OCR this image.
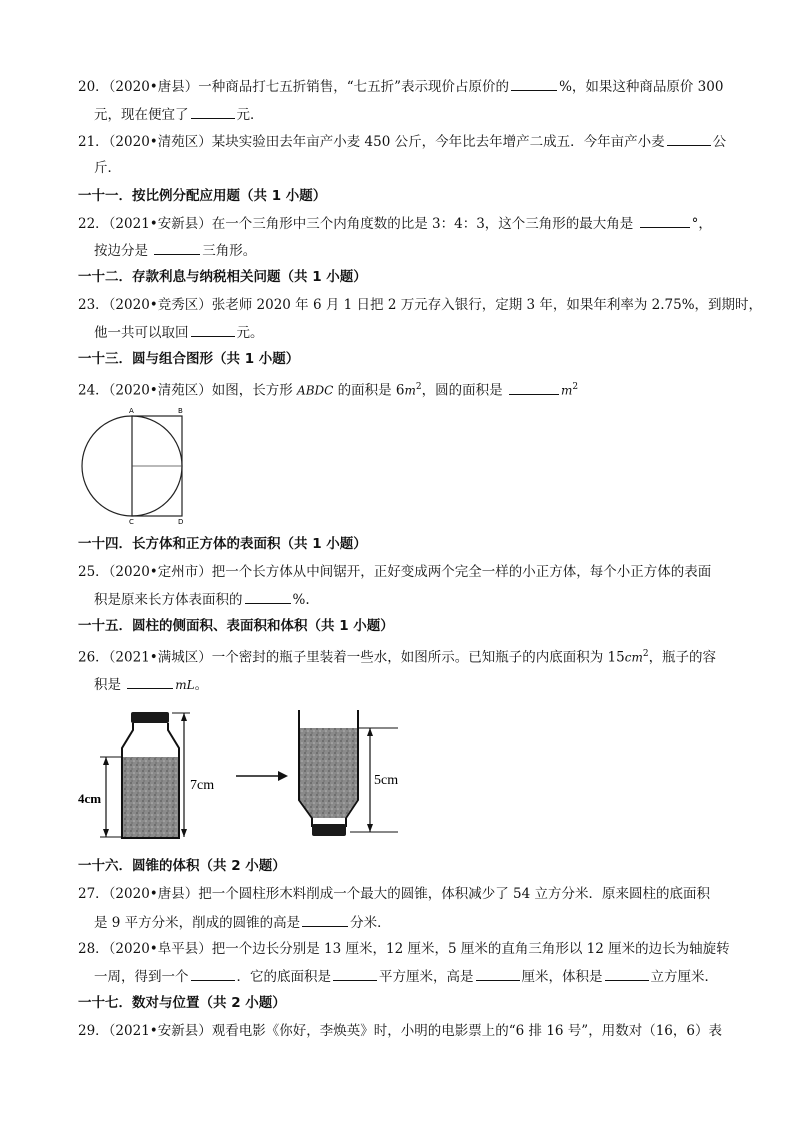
20．（2020•唐县）一种商品打七五折销售，“七五折”表示现价占原价的	%，如果这种商品原价 300
元，现在便宜了	元．
21．（2020•清苑区）某块实验田去年亩产小麦 450 公斤，今年比去年增产二成五．今年亩产小麦	公
斤．
一十一．按比例分配应用题（共 1 小题）
22．（2021•安新县）在一个三角形中三个内角度数的比是 3：4：3，这个三角形的最大角是	°，
按边分是	三角形。
一十二．存款利息与纳税相关问题（共 1 小题）
23．（2020•竞秀区）张老师 2020 年 6 月 1 日把 2 万元存入银行，定期 3 年，如果年利率为 2.75%，到期时，
他一共可以取回	元。
一十三．圆与组合图形（共 1 小题）
24．（2020•清苑区）如图，长方形 ABDC 的面积是 $6m^2$，圆的面积是	$m^2$
A	B
C	D
一十四．长方体和正方体的表面积（共 1 小题）
25．（2020•定州市）把一个长方体从中间锯开，正好变成两个完全一样的小正方体，每个小正方体的表面
积是原来长方体表面积的	%.
一十五．圆柱的侧面积、表面积和体积（共 1 小题）
26．（2021•满城区）一个密封的瓶子里装着一些水，如图所示。已知瓶子的内底面积为 $15cm^2$，瓶子的容
积是	mL。
4cm
7cm	5cm
一十六．圆锥的体积（共 2 小题）
27．（2020•唐县）把一个圆柱形木料削成一个最大的圆锥，体积减少了 54 立方分米．原来圆柱的底面积
是 9 平方分米，削成的圆锥的高是	分米．
28．（2020•阜平县）把一个边长分别是 13 厘米，12 厘米，5 厘米的直角三角形以 12 厘米的边长为轴旋转
一周，得到一个	．它的底面积是	平方厘米，高是	厘米，体积是	立方厘米．
一十七．数对与位置（共 2 小题）
29．（2021•安新县）观看电影《你好，李焕英》时，小明的电影票上的“6 排 16 号”，用数对（16，6）表
